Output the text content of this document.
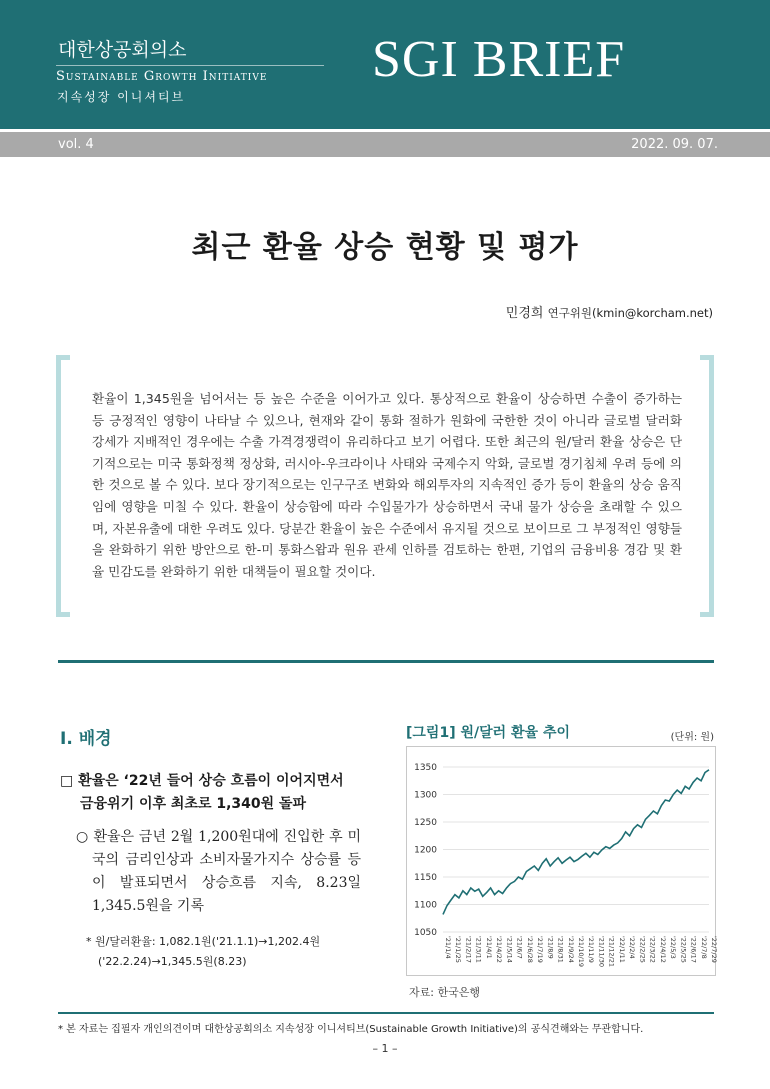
대한상공회의소
Sustainable Growth Initiative
지속성장 이니셔티브
SGI BRIEF
vol. 4	2022. 09. 07.
최근 환율 상승 현황 및 평가
민경희 연구위원(kmin@korcham.net)
환율이 1,345원을 넘어서는 등 높은 수준을 이어가고 있다. 통상적으로 환율이 상승하면 수출이 증가하는 등 긍정적인 영향이 나타날 수 있으나, 현재와 같이 통화 절하가 원화에 국한한 것이 아니라 글로벌 달러화 강세가 지배적인 경우에는 수출 가격경쟁력이 유리하다고 보기 어렵다. 또한 최근의 원/달러 환율 상승은 단기적으로는 미국 통화정책 정상화, 러시아-우크라이나 사태와 국제수지 악화, 글로벌 경기침체 우려 등에 의한 것으로 볼 수 있다. 보다 장기적으로는 인구구조 변화와 해외투자의 지속적인 증가 등이 환율의 상승 움직임에 영향을 미칠 수 있다. 환율이 상승함에 따라 수입물가가 상승하면서 국내 물가 상승을 초래할 수 있으며, 자본유출에 대한 우려도 있다. 당분간 환율이 높은 수준에서 유지될 것으로 보이므로 그 부정적인 영향들을 완화하기 위한 방안으로 한-미 통화스왑과 원유 관세 인하를 검토하는 한편, 기업의 금융비용 경감 및 환율 민감도를 완화하기 위한 대책들이 필요할 것이다.
Ⅰ. 배경
□ 환율은 ‘22년 들어 상승 흐름이 이어지면서 금융위기 이후 최초로 1,340원 돌파
○ 환율은 금년 2월 1,200원대에 진입한 후 미국의 금리인상과 소비자물가지수 상승률 등이 발표되면서 상승흐름 지속, 8.23일 1,345.5원을 기록
* 원/달러환율: 1,082.1원('21.1.1)→1,202.4원('22.2.24)→1,345.5원(8.23)
[그림1] 원/달러 환율 추이	(단위: 원)
1050
1100
1150
1200
1250
1300
1350
'21/1/4 '21/1/25 '21/2/17 '21/3/11 '21/4/1 '21/4/22 '21/5/14 '21/6/7 '21/6/28 '21/7/19 '21/8/9 '21/8/31 '21/9/24 '21/10/19 '21/11/9 '21/11/30 '21/12/21 '22/1/11 '22/2/4 '22/2/25 '22/3/22 '22/4/12 '22/5/3 '22/5/25 '22/6/17 '22/7/8 '22/7/29
자료: 한국은행
* 본 자료는 집필자 개인의견이며 대한상공회의소 지속성장 이니셔티브(Sustainable Growth Initiative)의 공식견해와는 무관합니다.
– 1 –
